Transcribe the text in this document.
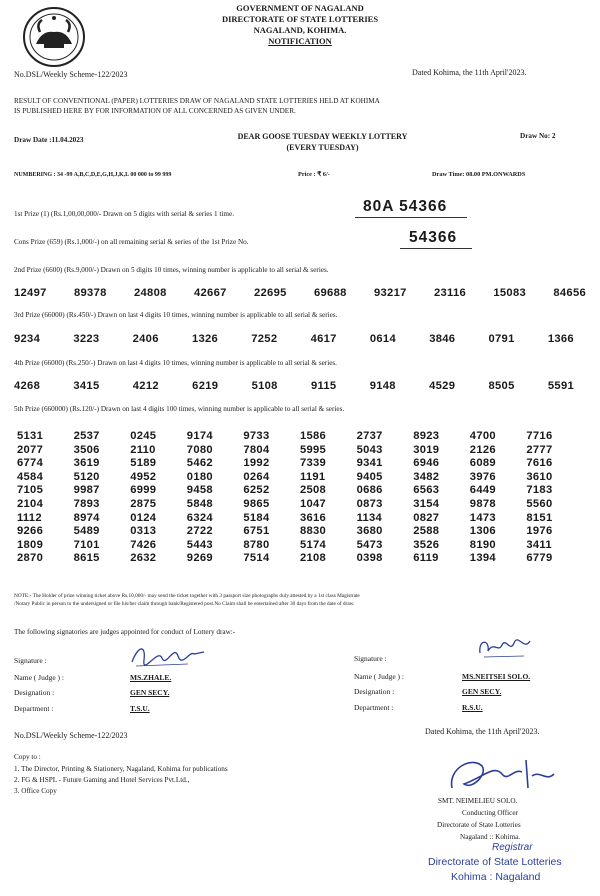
GOVERNMENT OF NAGALAND
DIRECTORATE OF STATE LOTTERIES
NAGALAND, KOHIMA.
NOTIFICATION
No.DSL/Weekly Scheme-122/2023	Dated Kohima, the 11th April'2023.
RESULT OF CONVENTIONAL (PAPER) LOTTERIES DRAW OF NAGALAND STATE LOTTERIES HELD AT KOHIMA
IS PUBLISHED HERE BY FOR INFORMATION OF ALL CONCERNED AS GIVEN UNDER.
Draw Date :11.04.2023	DEAR GOOSE TUESDAY WEEKLY LOTTERY
(EVERY TUESDAY)
Draw No: 2
NUMBERING : 34 -99 A,B,C,D,E,G,H,J,K,L 00 000 to 99 999	Price : ₹ 6/-	Draw Time: 08.00 PM.ONWARDS
1st Prize (1) (Rs.1,00,00,000/- Drawn on 5 digits with serial & series 1 time.	80A 54366
Cons Prize (659) (Rs.1,000/-) on all remaining serial & series of the 1st Prize No.	54366
2nd Prize (6600) (Rs.9,000/-) Drawn on 5 digits 10 times, winning number is applicable to all serial & series.
12497 89378 24808 42667 22695 69688 93217 23116 15083 84656
3rd Prize (66000) (Rs.450/-) Drawn on last 4 digits 10 times, winning number is applicable to all serial & series.
9234	3223	2406	1326	7252	4617	0614	3846	0791	1366
4th Prize (66000) (Rs.250/-) Drawn on last 4 digits 10 times, winning number is applicable to all serial & series.
4268	3415	4212	6219	5108	9115	9148	4529	8505	5591
5th Prize (660000) (Rs.120/-) Drawn on last 4 digits 100 times, winning number is applicable to all serial & series.
5131	2537	0245	9174	9733	1586	2737	8923	4700	7716
2077	3506	2110	7080	7804	5995	5043	3019	2126	2777
6774	3619	5189	5462	1992	7339	9341	6946	6089	7616
4584	5120	4952	0180	0264	1191	9405	3482	3976	3610
7105	9987	6999	9458	6252	2508	0686	6563	6449	7183
2104	7893	2875	5848	9865	1047	0873	3154	9878	5560
1112	8974	0124	6324	5184	3616	1134	0827	1473	8151
9266	5489	0313	2722	6751	8830	3680	2588	1306	1976
1809	7101	7426	5443	8780	5174	5473	3526	8190	3411
2870	8615	2632	9269	7514	2108	0398	6119	1394	6779
NOTE:- The Holder of prize winning ticket above Rs.10,000/- may send the ticket together with 3 passport size photographs duly attested by a 1st class Magistrate
/Notary Public in person to the undersigned or file his/her claim through bank/Registered post.No Claim shall be entertained after 30 days from the date of draw.
The following signatories are judges appointed for conduct of Lottery draw:-
Signature :
Name ( Judge ) :	MS.ZHALE.
Designation :	GEN SECY.
Department :	T.S.U.
Signature :
Name ( Judge ) :	MS.NEITSEI SOLO.
Designation :	GEN SECY.
Department :	R.S.U.
No.DSL/Weekly Scheme-122/2023	Dated Kohima, the 11th April'2023.
Copy to :
1. The Director, Printing & Stationery, Nagaland, Kohima for publications
2. FG & HSPL - Future Gaming and Hotel Services Pvt.Ltd.,
3. Office Copy
SMT. NEIMELIEU SOLO.
Conducting Officer
Directorate of State Lotteries
Nagaland :: Kohima.
Registrar
Directorate of State Lotteries
Kohima : Nagaland
